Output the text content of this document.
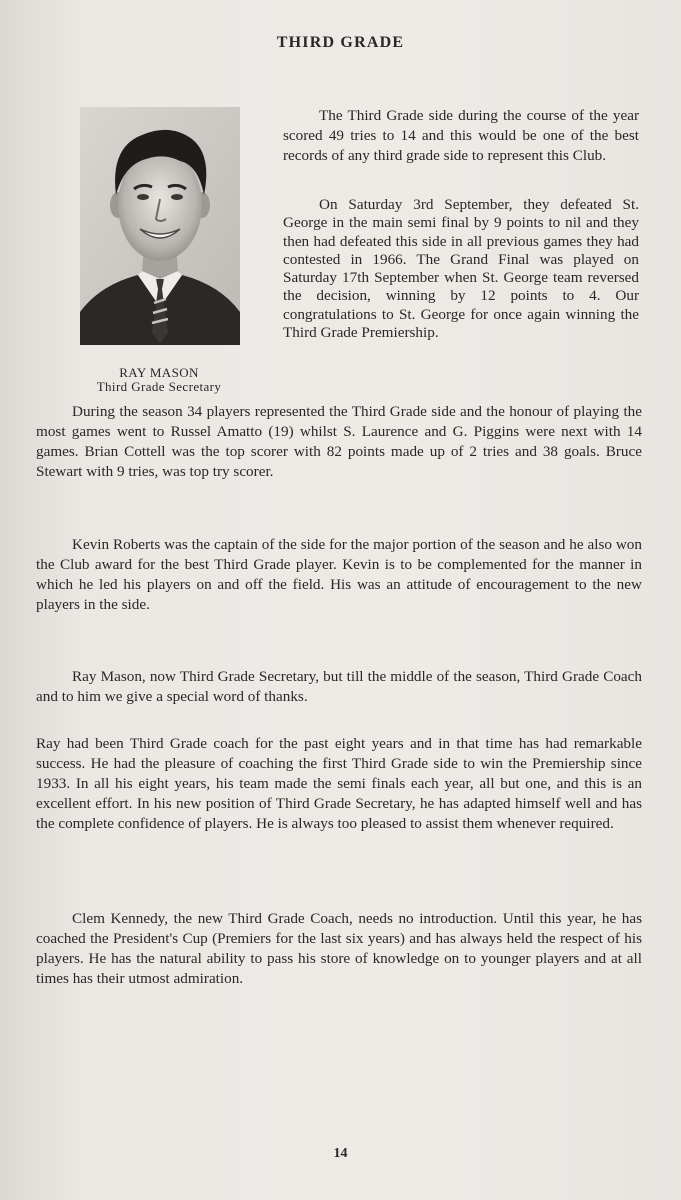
THIRD GRADE
RAY MASON
Third Grade Secretary

The Third Grade side during the course of the year scored 49 tries to 14 and this would be one of the best records of any third grade side to represent this Club.

On Saturday 3rd September, they defeated St. George in the main semi final by 9 points to nil and they then had defeated this side in all previous games they had contested in 1966. The Grand Final was played on Saturday 17th September when St. George team reversed the decision, winning by 12 points to 4. Our congratulations to St. George for once again winning the Third Grade Premiership.

During the season 34 players represented the Third Grade side and the honour of playing the most games went to Russel Amatto (19) whilst S. Laurence and G. Piggins were next with 14 games. Brian Cottell was the top scorer with 82 points made up of 2 tries and 38 goals. Bruce Stewart with 9 tries, was top try scorer.

Kevin Roberts was the captain of the side for the major portion of the season and he also won the Club award for the best Third Grade player. Kevin is to be complemented for the manner in which he led his players on and off the field. His was an attitude of encouragement to the new players in the side.

Ray Mason, now Third Grade Secretary, but till the middle of the season, Third Grade Coach and to him we give a special word of thanks.

Ray had been Third Grade coach for the past eight years and in that time has had remarkable success. He had the pleasure of coaching the first Third Grade side to win the Premiership since 1933. In all his eight years, his team made the semi finals each year, all but one, and this is an excellent effort. In his new position of Third Grade Secretary, he has adapted himself well and has the complete confidence of players. He is always too pleased to assist them whenever required.

Clem Kennedy, the new Third Grade Coach, needs no introduction. Until this year, he has coached the President's Cup (Premiers for the last six years) and has always held the respect of his players. He has the natural ability to pass his store of knowledge on to younger players and at all times has their utmost admiration.

14
